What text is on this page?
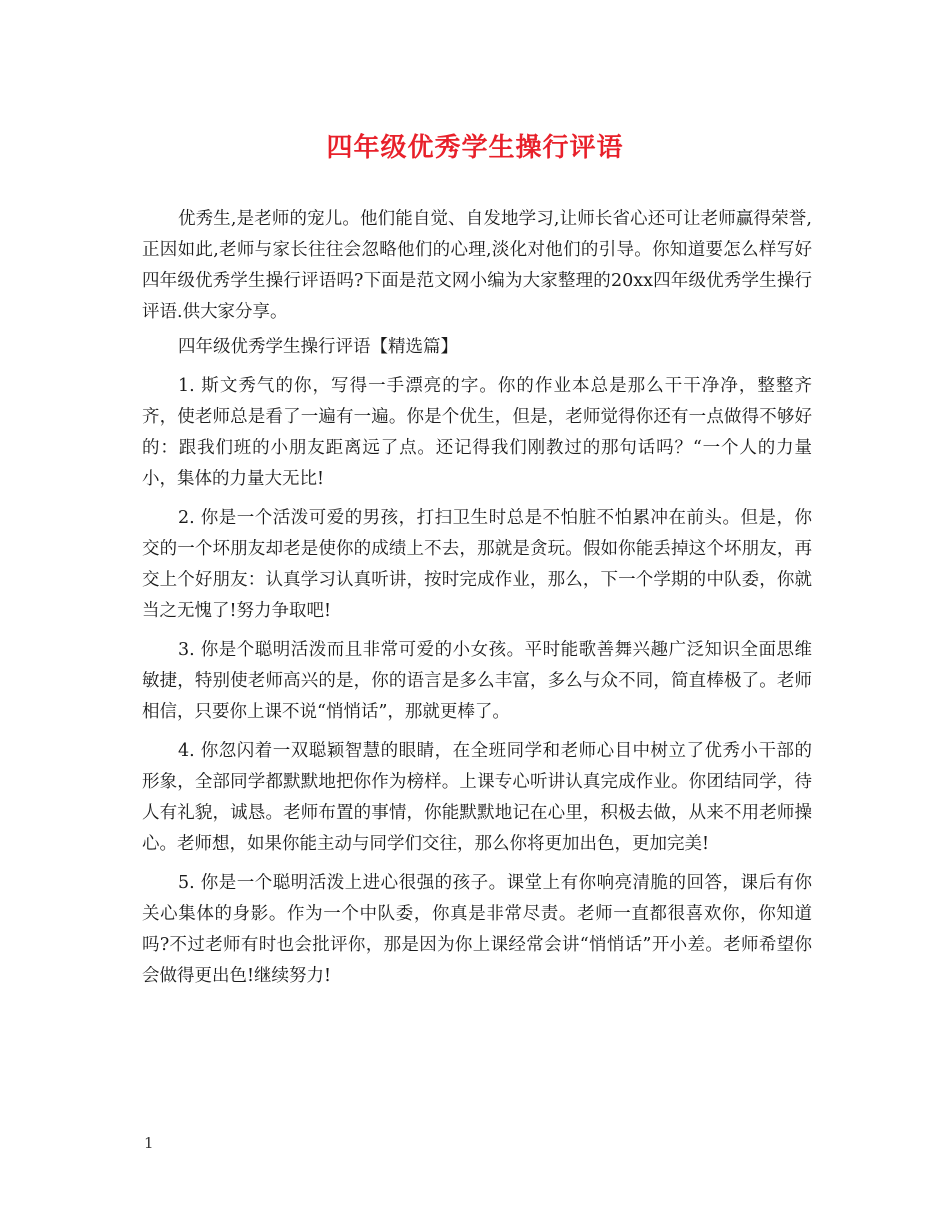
四年级优秀学生操行评语

优秀生,是老师的宠儿。他们能自觉、自发地学习,让师长省心还可让老师赢得荣誉,正因如此,老师与家长往往会忽略他们的心理,淡化对他们的引导。你知道要怎么样写好四年级优秀学生操行评语吗?下面是范文网小编为大家整理的20xx四年级优秀学生操行评语.供大家分享。

四年级优秀学生操行评语【精选篇】

1. 斯文秀气的你，写得一手漂亮的字。你的作业本总是那么干干净净，整整齐齐，使老师总是看了一遍有一遍。你是个优生，但是，老师觉得你还有一点做得不够好的：跟我们班的小朋友距离远了点。还记得我们刚教过的那句话吗？“一个人的力量小，集体的力量大无比!

2. 你是一个活泼可爱的男孩，打扫卫生时总是不怕脏不怕累冲在前头。但是，你交的一个坏朋友却老是使你的成绩上不去，那就是贪玩。假如你能丢掉这个坏朋友，再交上个好朋友：认真学习认真听讲，按时完成作业，那么，下一个学期的中队委，你就当之无愧了!努力争取吧!

3. 你是个聪明活泼而且非常可爱的小女孩。平时能歌善舞兴趣广泛知识全面思维敏捷，特别使老师高兴的是，你的语言是多么丰富，多么与众不同，简直棒极了。老师相信，只要你上课不说“悄悄话”，那就更棒了。

4. 你忽闪着一双聪颖智慧的眼睛，在全班同学和老师心目中树立了优秀小干部的形象，全部同学都默默地把你作为榜样。上课专心听讲认真完成作业。你团结同学，待人有礼貌，诚恳。老师布置的事情，你能默默地记在心里，积极去做，从来不用老师操心。老师想，如果你能主动与同学们交往，那么你将更加出色，更加完美!

5. 你是一个聪明活泼上进心很强的孩子。课堂上有你响亮清脆的回答，课后有你关心集体的身影。作为一个中队委，你真是非常尽责。老师一直都很喜欢你，你知道吗?不过老师有时也会批评你，那是因为你上课经常会讲“悄悄话”开小差。老师希望你会做得更出色!继续努力!

1
